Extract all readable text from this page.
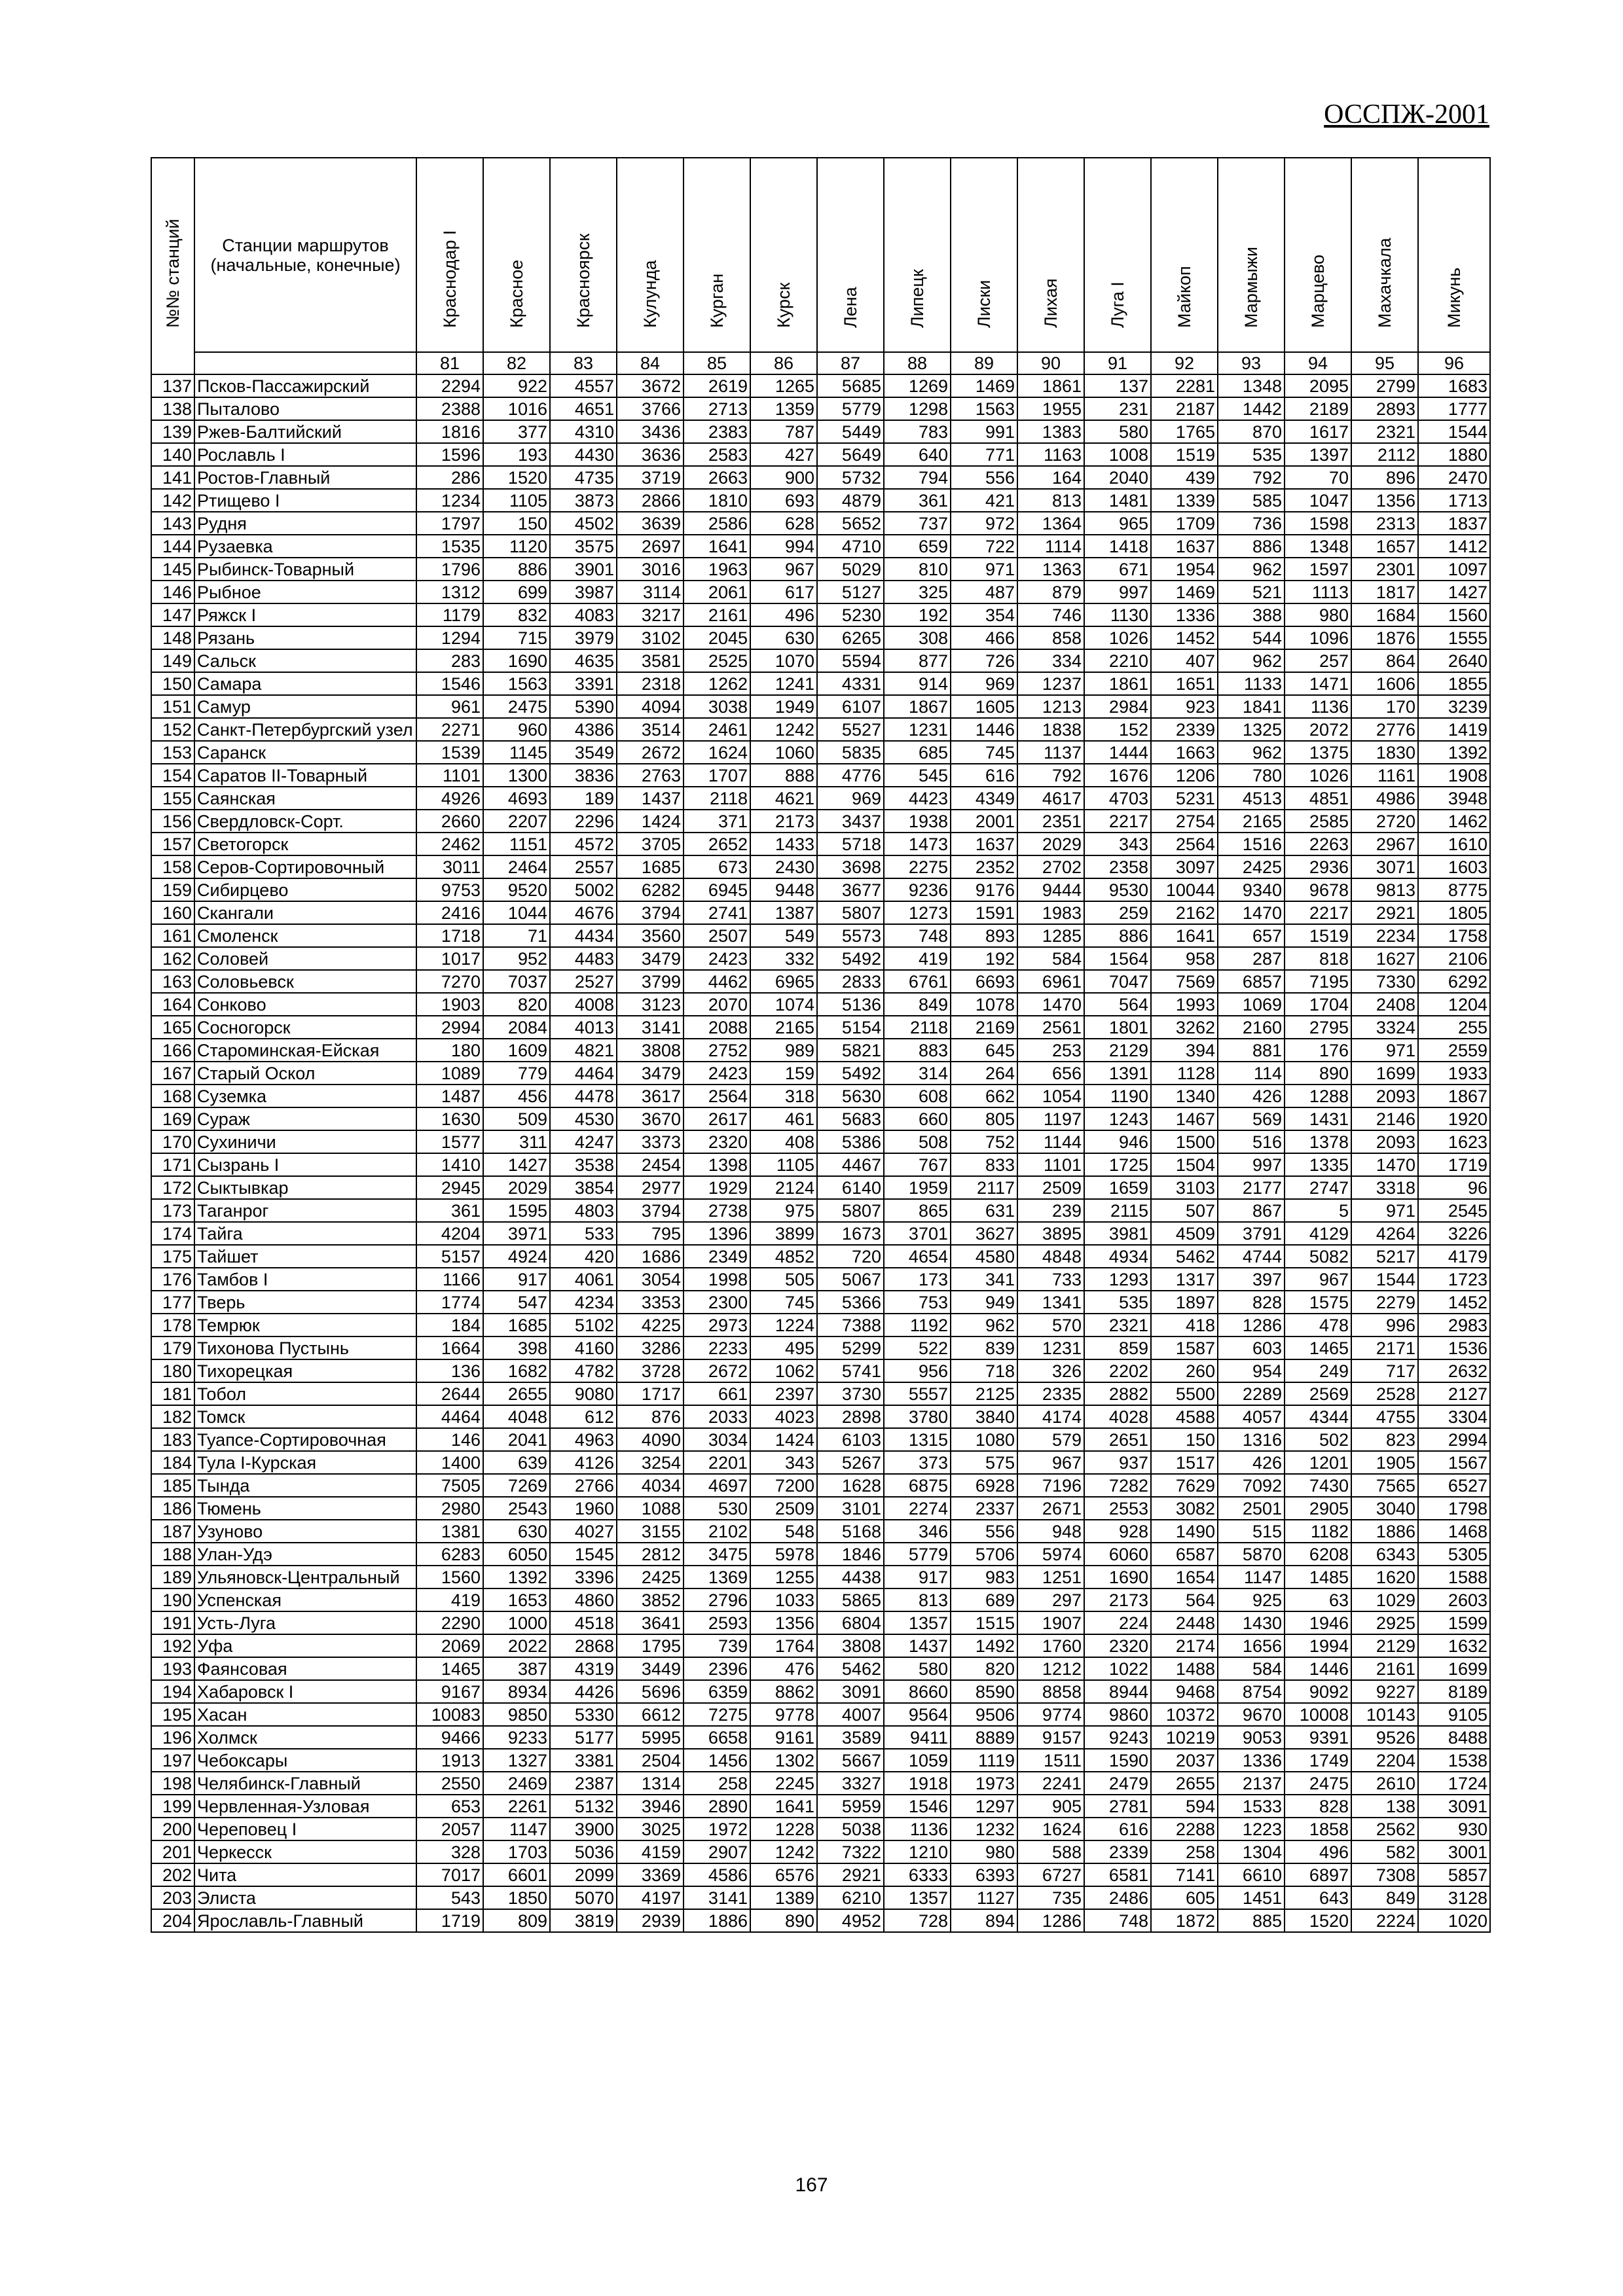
ОССПЖ-2001
№№ станций	Станции маршрутов
(начальные, конечные)	Краснодар I	Красное	Красноярск	Кулунда	Курган	Курск	Лена	Липецк	Лиски	Лихая	Луга I	Майкоп	Мармыжи	Марцево	Махачкала	Микунь

		81	82	83	84	85	86	87	88	89	90	91	92	93	94	95	96
137	Псков-Пассажирский	2294	922	4557	3672	2619	1265	5685	1269	1469	1861	137	2281	1348	2095	2799	1683
138	Пыталово	2388	1016	4651	3766	2713	1359	5779	1298	1563	1955	231	2187	1442	2189	2893	1777
139	Ржев-Балтийский	1816	377	4310	3436	2383	787	5449	783	991	1383	580	1765	870	1617	2321	1544
140	Рославль I	1596	193	4430	3636	2583	427	5649	640	771	1163	1008	1519	535	1397	2112	1880
141	Ростов-Главный	286	1520	4735	3719	2663	900	5732	794	556	164	2040	439	792	70	896	2470
142	Ртищево I	1234	1105	3873	2866	1810	693	4879	361	421	813	1481	1339	585	1047	1356	1713
143	Рудня	1797	150	4502	3639	2586	628	5652	737	972	1364	965	1709	736	1598	2313	1837
144	Рузаевка	1535	1120	3575	2697	1641	994	4710	659	722	1114	1418	1637	886	1348	1657	1412
145	Рыбинск-Товарный	1796	886	3901	3016	1963	967	5029	810	971	1363	671	1954	962	1597	2301	1097
146	Рыбное	1312	699	3987	3114	2061	617	5127	325	487	879	997	1469	521	1113	1817	1427
147	Ряжск I	1179	832	4083	3217	2161	496	5230	192	354	746	1130	1336	388	980	1684	1560
148	Рязань	1294	715	3979	3102	2045	630	6265	308	466	858	1026	1452	544	1096	1876	1555
149	Сальск	283	1690	4635	3581	2525	1070	5594	877	726	334	2210	407	962	257	864	2640
150	Самара	1546	1563	3391	2318	1262	1241	4331	914	969	1237	1861	1651	1133	1471	1606	1855
151	Самур	961	2475	5390	4094	3038	1949	6107	1867	1605	1213	2984	923	1841	1136	170	3239
152	Санкт-Петербургский узел	2271	960	4386	3514	2461	1242	5527	1231	1446	1838	152	2339	1325	2072	2776	1419
153	Саранск	1539	1145	3549	2672	1624	1060	5835	685	745	1137	1444	1663	962	1375	1830	1392
154	Саратов II-Товарный	1101	1300	3836	2763	1707	888	4776	545	616	792	1676	1206	780	1026	1161	1908
155	Саянская	4926	4693	189	1437	2118	4621	969	4423	4349	4617	4703	5231	4513	4851	4986	3948
156	Свердловск-Сорт.	2660	2207	2296	1424	371	2173	3437	1938	2001	2351	2217	2754	2165	2585	2720	1462
157	Светогорск	2462	1151	4572	3705	2652	1433	5718	1473	1637	2029	343	2564	1516	2263	2967	1610
158	Серов-Сортировочный	3011	2464	2557	1685	673	2430	3698	2275	2352	2702	2358	3097	2425	2936	3071	1603
159	Сибирцево	9753	9520	5002	6282	6945	9448	3677	9236	9176	9444	9530	10044	9340	9678	9813	8775
160	Скангали	2416	1044	4676	3794	2741	1387	5807	1273	1591	1983	259	2162	1470	2217	2921	1805
161	Смоленск	1718	71	4434	3560	2507	549	5573	748	893	1285	886	1641	657	1519	2234	1758
162	Соловей	1017	952	4483	3479	2423	332	5492	419	192	584	1564	958	287	818	1627	2106
163	Соловьевск	7270	7037	2527	3799	4462	6965	2833	6761	6693	6961	7047	7569	6857	7195	7330	6292
164	Сонково	1903	820	4008	3123	2070	1074	5136	849	1078	1470	564	1993	1069	1704	2408	1204
165	Сосногорск	2994	2084	4013	3141	2088	2165	5154	2118	2169	2561	1801	3262	2160	2795	3324	255
166	Староминская-Ейская	180	1609	4821	3808	2752	989	5821	883	645	253	2129	394	881	176	971	2559
167	Старый Оскол	1089	779	4464	3479	2423	159	5492	314	264	656	1391	1128	114	890	1699	1933
168	Суземка	1487	456	4478	3617	2564	318	5630	608	662	1054	1190	1340	426	1288	2093	1867
169	Сураж	1630	509	4530	3670	2617	461	5683	660	805	1197	1243	1467	569	1431	2146	1920
170	Сухиничи	1577	311	4247	3373	2320	408	5386	508	752	1144	946	1500	516	1378	2093	1623
171	Сызрань I	1410	1427	3538	2454	1398	1105	4467	767	833	1101	1725	1504	997	1335	1470	1719
172	Сыктывкар	2945	2029	3854	2977	1929	2124	6140	1959	2117	2509	1659	3103	2177	2747	3318	96
173	Таганрог	361	1595	4803	3794	2738	975	5807	865	631	239	2115	507	867	5	971	2545
174	Тайга	4204	3971	533	795	1396	3899	1673	3701	3627	3895	3981	4509	3791	4129	4264	3226
175	Тайшет	5157	4924	420	1686	2349	4852	720	4654	4580	4848	4934	5462	4744	5082	5217	4179
176	Тамбов I	1166	917	4061	3054	1998	505	5067	173	341	733	1293	1317	397	967	1544	1723
177	Тверь	1774	547	4234	3353	2300	745	5366	753	949	1341	535	1897	828	1575	2279	1452
178	Темрюк	184	1685	5102	4225	2973	1224	7388	1192	962	570	2321	418	1286	478	996	2983
179	Тихонова Пустынь	1664	398	4160	3286	2233	495	5299	522	839	1231	859	1587	603	1465	2171	1536
180	Тихорецкая	136	1682	4782	3728	2672	1062	5741	956	718	326	2202	260	954	249	717	2632
181	Тобол	2644	2655	9080	1717	661	2397	3730	5557	2125	2335	2882	5500	2289	2569	2528	2127
182	Томск	4464	4048	612	876	2033	4023	2898	3780	3840	4174	4028	4588	4057	4344	4755	3304
183	Туапсе-Сортировочная	146	2041	4963	4090	3034	1424	6103	1315	1080	579	2651	150	1316	502	823	2994
184	Тула I-Курская	1400	639	4126	3254	2201	343	5267	373	575	967	937	1517	426	1201	1905	1567
185	Тында	7505	7269	2766	4034	4697	7200	1628	6875	6928	7196	7282	7629	7092	7430	7565	6527
186	Тюмень	2980	2543	1960	1088	530	2509	3101	2274	2337	2671	2553	3082	2501	2905	3040	1798
187	Узуново	1381	630	4027	3155	2102	548	5168	346	556	948	928	1490	515	1182	1886	1468
188	Улан-Удэ	6283	6050	1545	2812	3475	5978	1846	5779	5706	5974	6060	6587	5870	6208	6343	5305
189	Ульяновск-Центральный	1560	1392	3396	2425	1369	1255	4438	917	983	1251	1690	1654	1147	1485	1620	1588
190	Успенская	419	1653	4860	3852	2796	1033	5865	813	689	297	2173	564	925	63	1029	2603
191	Усть-Луга	2290	1000	4518	3641	2593	1356	6804	1357	1515	1907	224	2448	1430	1946	2925	1599
192	Уфа	2069	2022	2868	1795	739	1764	3808	1437	1492	1760	2320	2174	1656	1994	2129	1632
193	Фаянсовая	1465	387	4319	3449	2396	476	5462	580	820	1212	1022	1488	584	1446	2161	1699
194	Хабаровск I	9167	8934	4426	5696	6359	8862	3091	8660	8590	8858	8944	9468	8754	9092	9227	8189
195	Хасан	10083	9850	5330	6612	7275	9778	4007	9564	9506	9774	9860	10372	9670	10008	10143	9105
196	Холмск	9466	9233	5177	5995	6658	9161	3589	9411	8889	9157	9243	10219	9053	9391	9526	8488
197	Чебоксары	1913	1327	3381	2504	1456	1302	5667	1059	1119	1511	1590	2037	1336	1749	2204	1538
198	Челябинск-Главный	2550	2469	2387	1314	258	2245	3327	1918	1973	2241	2479	2655	2137	2475	2610	1724
199	Червленная-Узловая	653	2261	5132	3946	2890	1641	5959	1546	1297	905	2781	594	1533	828	138	3091
200	Череповец I	2057	1147	3900	3025	1972	1228	5038	1136	1232	1624	616	2288	1223	1858	2562	930
201	Черкесск	328	1703	5036	4159	2907	1242	7322	1210	980	588	2339	258	1304	496	582	3001
202	Чита	7017	6601	2099	3369	4586	6576	2921	6333	6393	6727	6581	7141	6610	6897	7308	5857
203	Элиста	543	1850	5070	4197	3141	1389	6210	1357	1127	735	2486	605	1451	643	849	3128
204	Ярославль-Главный	1719	809	3819	2939	1886	890	4952	728	894	1286	748	1872	885	1520	2224	1020
167
